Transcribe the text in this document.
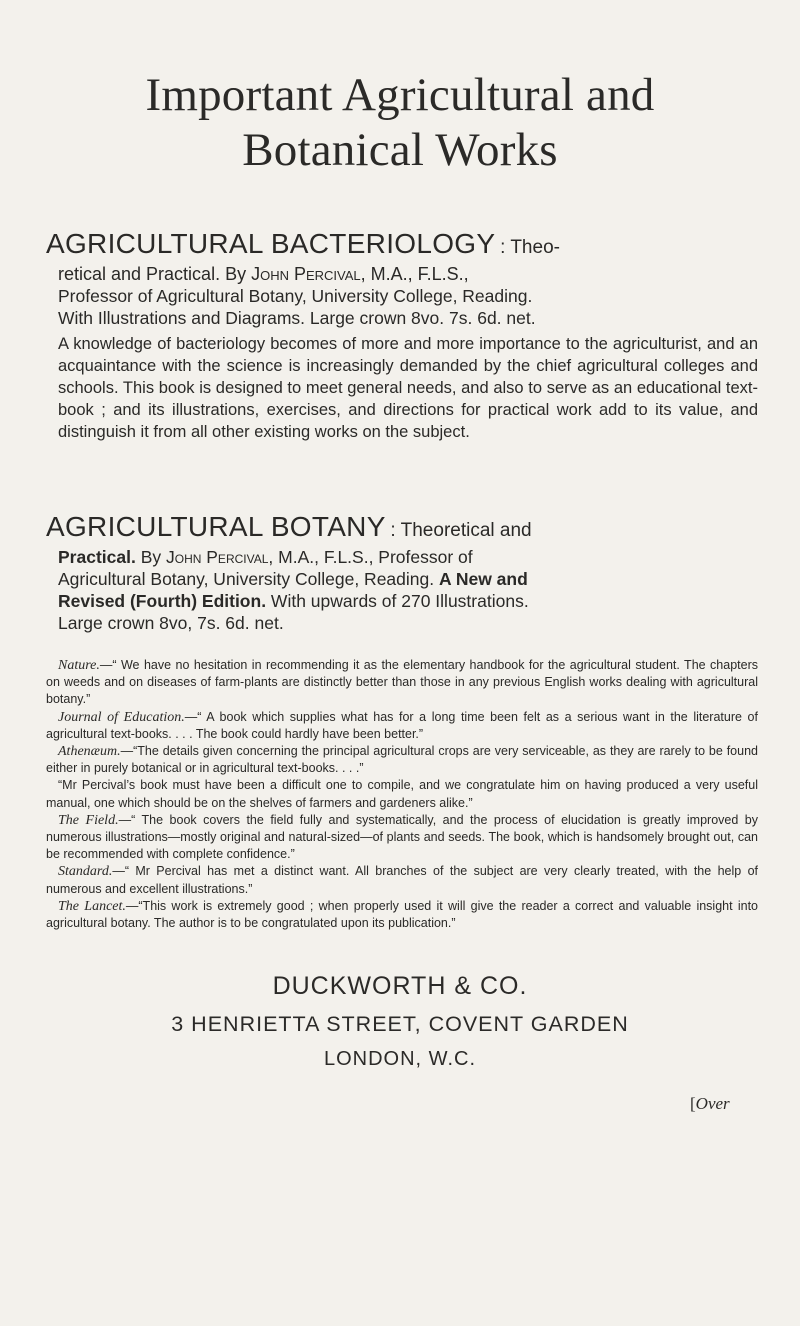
Important Agricultural and
Botanical Works
AGRICULTURAL BACTERIOLOGY : Theo-
retical and Practical. By John Percival, M.A., F.L.S.,
Professor of Agricultural Botany, University College, Reading.
With Illustrations and Diagrams. Large crown 8vo. 7s. 6d. net.

A knowledge of bacteriology becomes of more and more importance to the agriculturist, and an acquaintance with the science is increasingly demanded by the chief agricultural colleges and schools. This book is designed to meet general needs, and also to serve as an educational text-book ; and its illustrations, exercises, and directions for practical work add to its value, and distinguish it from all other existing works on the subject.

AGRICULTURAL BOTANY : Theoretical and
Practical. By John Percival, M.A., F.L.S., Professor of
Agricultural Botany, University College, Reading. A New and
Revised (Fourth) Edition. With upwards of 270 Illustrations.
Large crown 8vo, 7s. 6d. net.

Nature.—“ We have no hesitation in recommending it as the elementary handbook for the agricultural student. The chapters on weeds and on diseases of farm-plants are distinctly better than those in any previous English works dealing with agricultural botany.”

Journal of Education.—“ A book which supplies what has for a long time been felt as a serious want in the literature of agricultural text-books. . . . The book could hardly have been better.”

Athenæum.—“The details given concerning the principal agricultural crops are very serviceable, as they are rarely to be found either in purely botanical or in agricultural text-books. . . .”

“Mr Percival’s book must have been a difficult one to compile, and we congratulate him on having produced a very useful manual, one which should be on the shelves of farmers and gardeners alike.”

The Field.—“ The book covers the field fully and systematically, and the process of elucidation is greatly improved by numerous illustrations—mostly original and natural-sized—of plants and seeds. The book, which is handsomely brought out, can be recommended with complete confidence.”

Standard.—“ Mr Percival has met a distinct want. All branches of the subject are very clearly treated, with the help of numerous and excellent illustrations.”

The Lancet.—“This work is extremely good ; when properly used it will give the reader a correct and valuable insight into agricultural botany. The author is to be congratulated upon its publication.”

DUCKWORTH & CO.
3 HENRIETTA STREET, COVENT GARDEN
LONDON, W.C.
[Over
